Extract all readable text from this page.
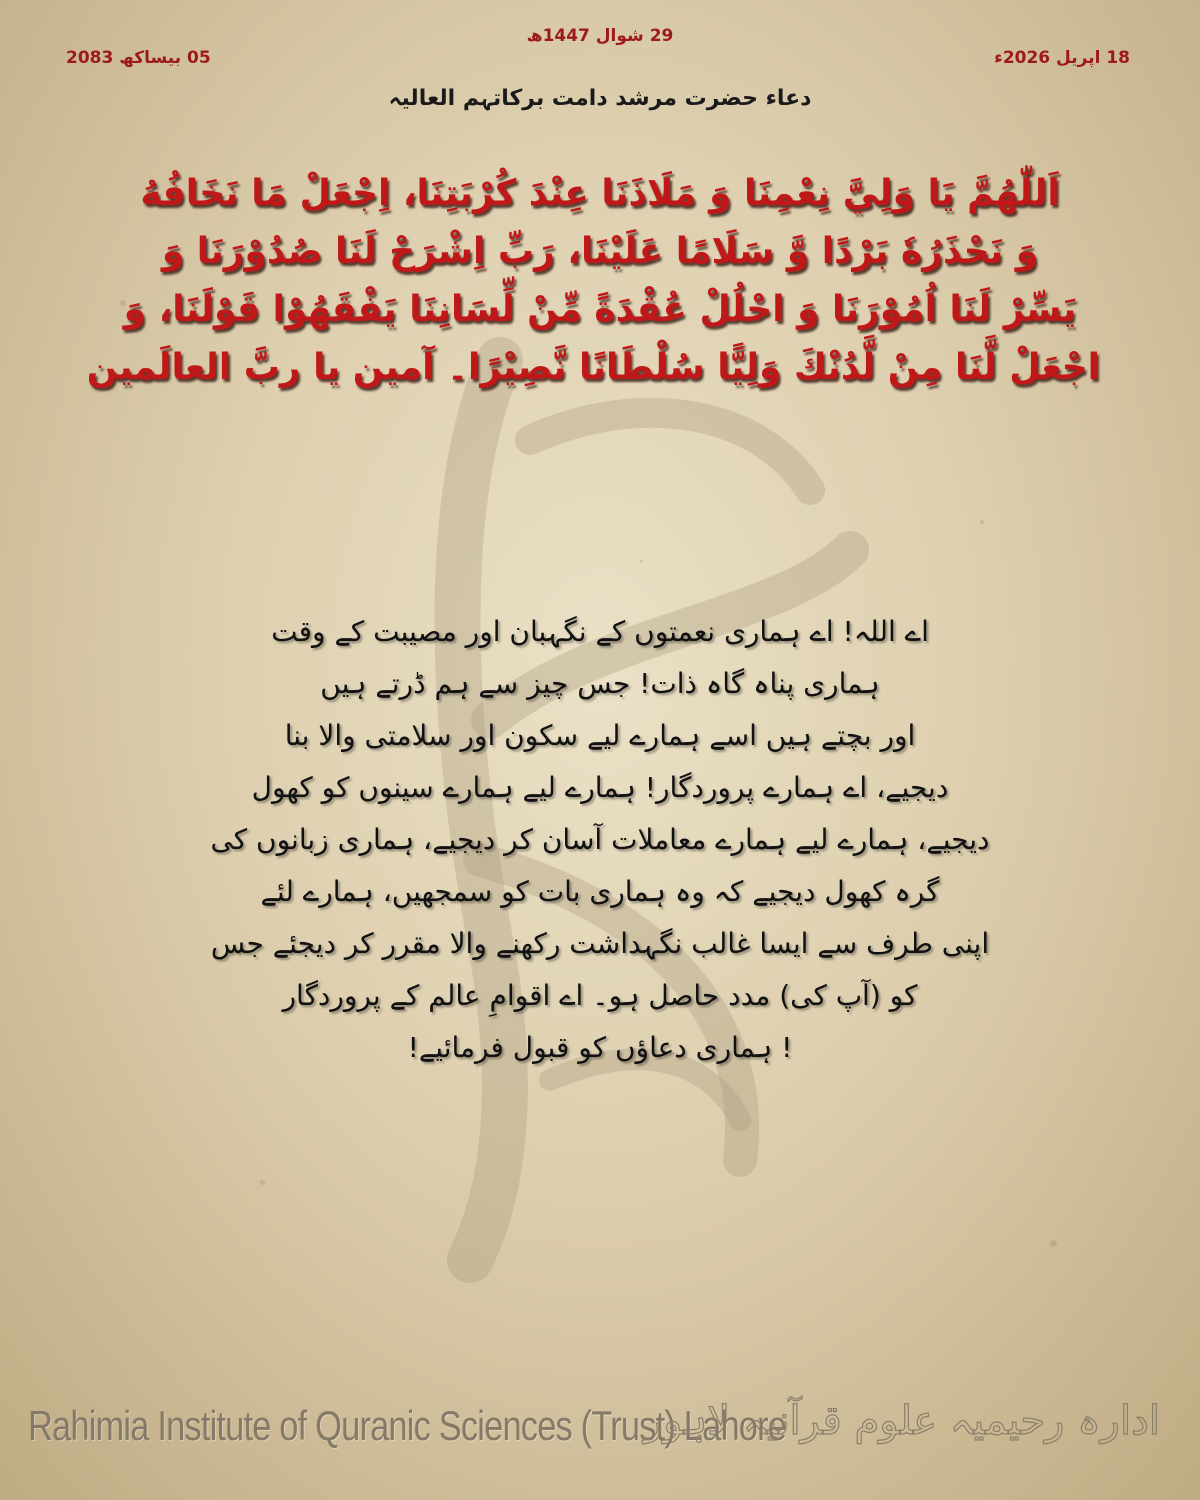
29 شوال 1447ھ
18 اپریل 2026ء
05 بیساکھ 2083
دعاء حضرت مرشد دامت برکاتہم العالیہ
اَللّٰهُمَّ يَا وَلِيَّ نِعْمِنَا وَ مَلَاذَنَا عِنْدَ كُرْبَتِنَا، اِجْعَلْ مَا نَخَافُهُ
وَ نَحْذَرُهٗ بَرْدًا وَّ سَلَامًا عَلَيْنَا، رَبِّ اِشْرَحْ لَنَا صُدُوْرَنَا وَ
يَسِّرْ لَنَا اُمُوْرَنَا وَ احْلُلْ عُقْدَةً مِّنْ لِّسَانِنَا يَفْقَهُوْا قَوْلَنَا، وَ
اجْعَلْ لَّنَا مِنْ لَّدُنْكَ وَلِيًّا سُلْطَانًا نَّصِيْرًا۔ آمين يا ربَّ العالَمين
اے اللہ! اے ہماری نعمتوں کے نگہبان اور مصیبت کے وقت
ہماری پناہ گاہ ذات! جس چیز سے ہم ڈرتے ہیں
اور بچتے ہیں اسے ہمارے لیے سکون اور سلامتی والا بنا
دیجیے، اے ہمارے پروردگار! ہمارے لیے ہمارے سینوں کو کھول
دیجیے، ہمارے لیے ہمارے معاملات آسان کر دیجیے، ہماری زبانوں کی
گرہ کھول دیجیے کہ وہ ہماری بات کو سمجھیں، ہمارے لئے
اپنی طرف سے ایسا غالب نگہداشت رکھنے والا مقرر کر دیجئے جس
کو (آپ کی) مدد حاصل ہو۔ اے اقوامِ عالم کے پروردگار
! ہماری دعاؤں کو قبول فرمائیے!
Rahimia Institute of Quranic Sciences (Trust) Lahore
ادارہ رحیمیہ علوم قرآنیہ لاہور
